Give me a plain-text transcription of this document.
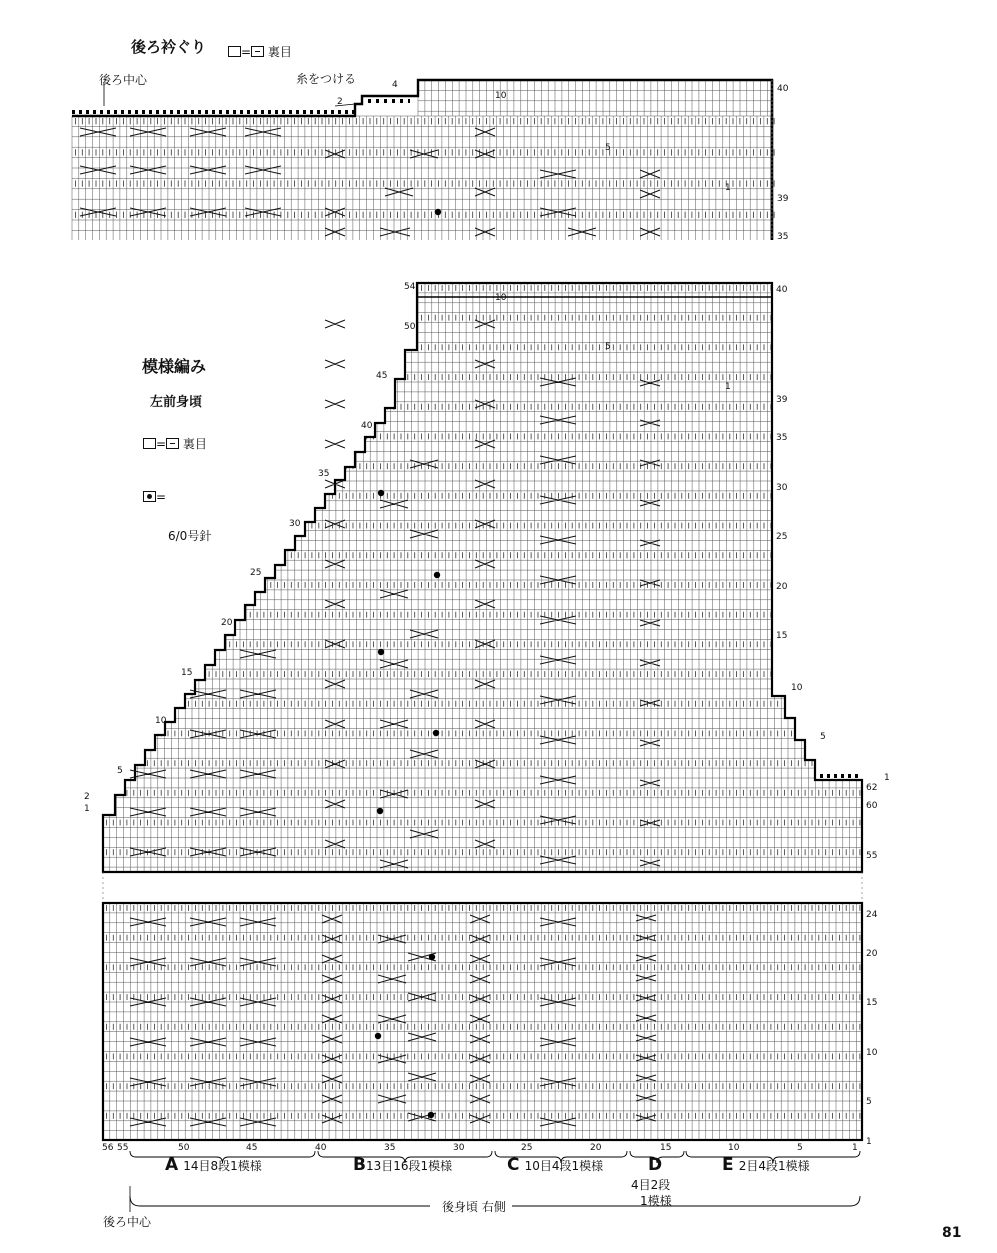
後ろ衿ぐり	= 裏目
後ろ中心	糸をつける	4
2
40
39
35
10
5
1
模様編み
左前身頃
= 裏目
=
6/0号針
54
50
45
40
35
30
25
20
15
10
5
2
1
40
39
35
30
25
20
15
62
60
55
10
5
1
10
5
1
24
20
15
10
5
1
56 55	50	45	40	35	30	25	20	15	10	5	1
A 14目8段1模様	B13目16段1模様	C 10目4段1模様	D
4目2段
1模様
E 2目4段1模様
後ろ中心
後身頃 右側
81
